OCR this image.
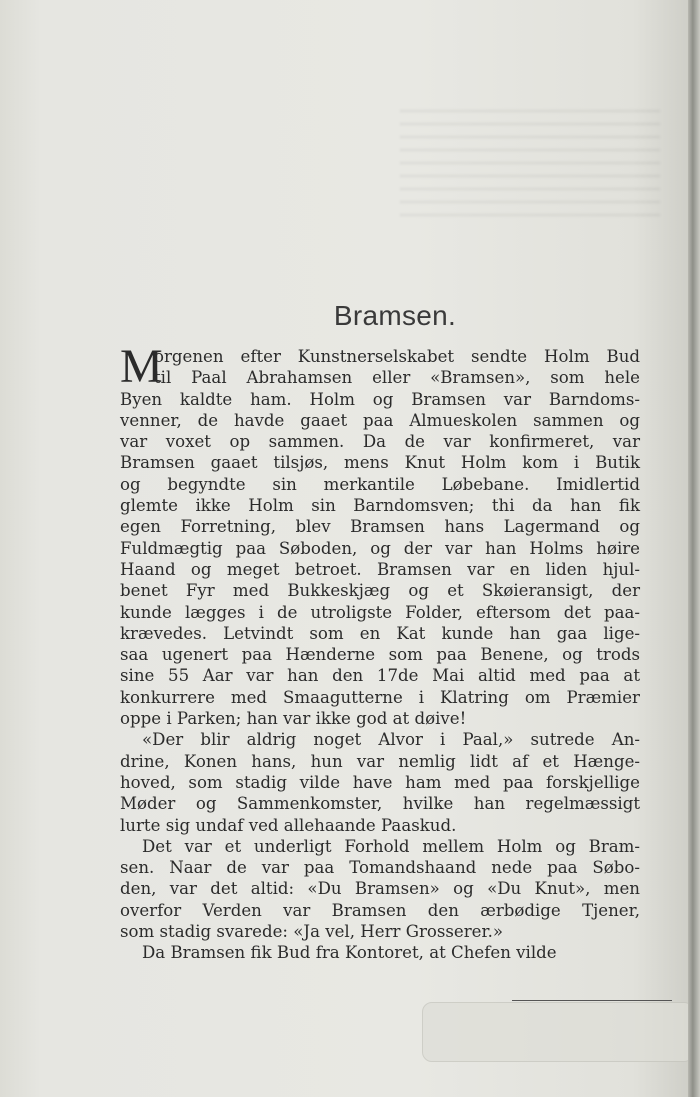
Bramsen.
M
orgenen efter Kunstnerselskabet sendte Holm Bud
til Paal Abrahamsen eller «Bramsen», som hele
Byen kaldte ham. Holm og Bramsen var Barndoms-
venner, de havde gaaet paa Almueskolen sammen og
var voxet op sammen. Da de var konfirmeret, var
Bramsen gaaet tilsjøs, mens Knut Holm kom i Butik
og begyndte sin merkantile Løbebane. Imidlertid
glemte ikke Holm sin Barndomsven; thi da han fik
egen Forretning, blev Bramsen hans Lagermand og
Fuldmægtig paa Søboden, og der var han Holms høire
Haand og meget betroet. Bramsen var en liden hjul-
benet Fyr med Bukkeskjæg og et Skøieransigt, der
kunde lægges i de utroligste Folder, eftersom det paa-
krævedes. Letvindt som en Kat kunde han gaa lige-
saa ugenert paa Hænderne som paa Benene, og trods
sine 55 Aar var han den 17de Mai altid med paa at
konkurrere med Smaagutterne i Klatring om Præmier
oppe i Parken; han var ikke god at døive!
«Der blir aldrig noget Alvor i Paal,» sutrede An-
drine, Konen hans, hun var nemlig lidt af et Hænge-
hoved, som stadig vilde have ham med paa forskjellige
Møder og Sammenkomster, hvilke han regelmæssigt
lurte sig undaf ved allehaande Paaskud.
Det var et underligt Forhold mellem Holm og Bram-
sen. Naar de var paa Tomandshaand nede paa Søbo-
den, var det altid: «Du Bramsen» og «Du Knut», men
overfor Verden var Bramsen den ærbødige Tjener,
som stadig svarede: «Ja vel, Herr Grosserer.»
Da Bramsen fik Bud fra Kontoret, at Chefen vilde
